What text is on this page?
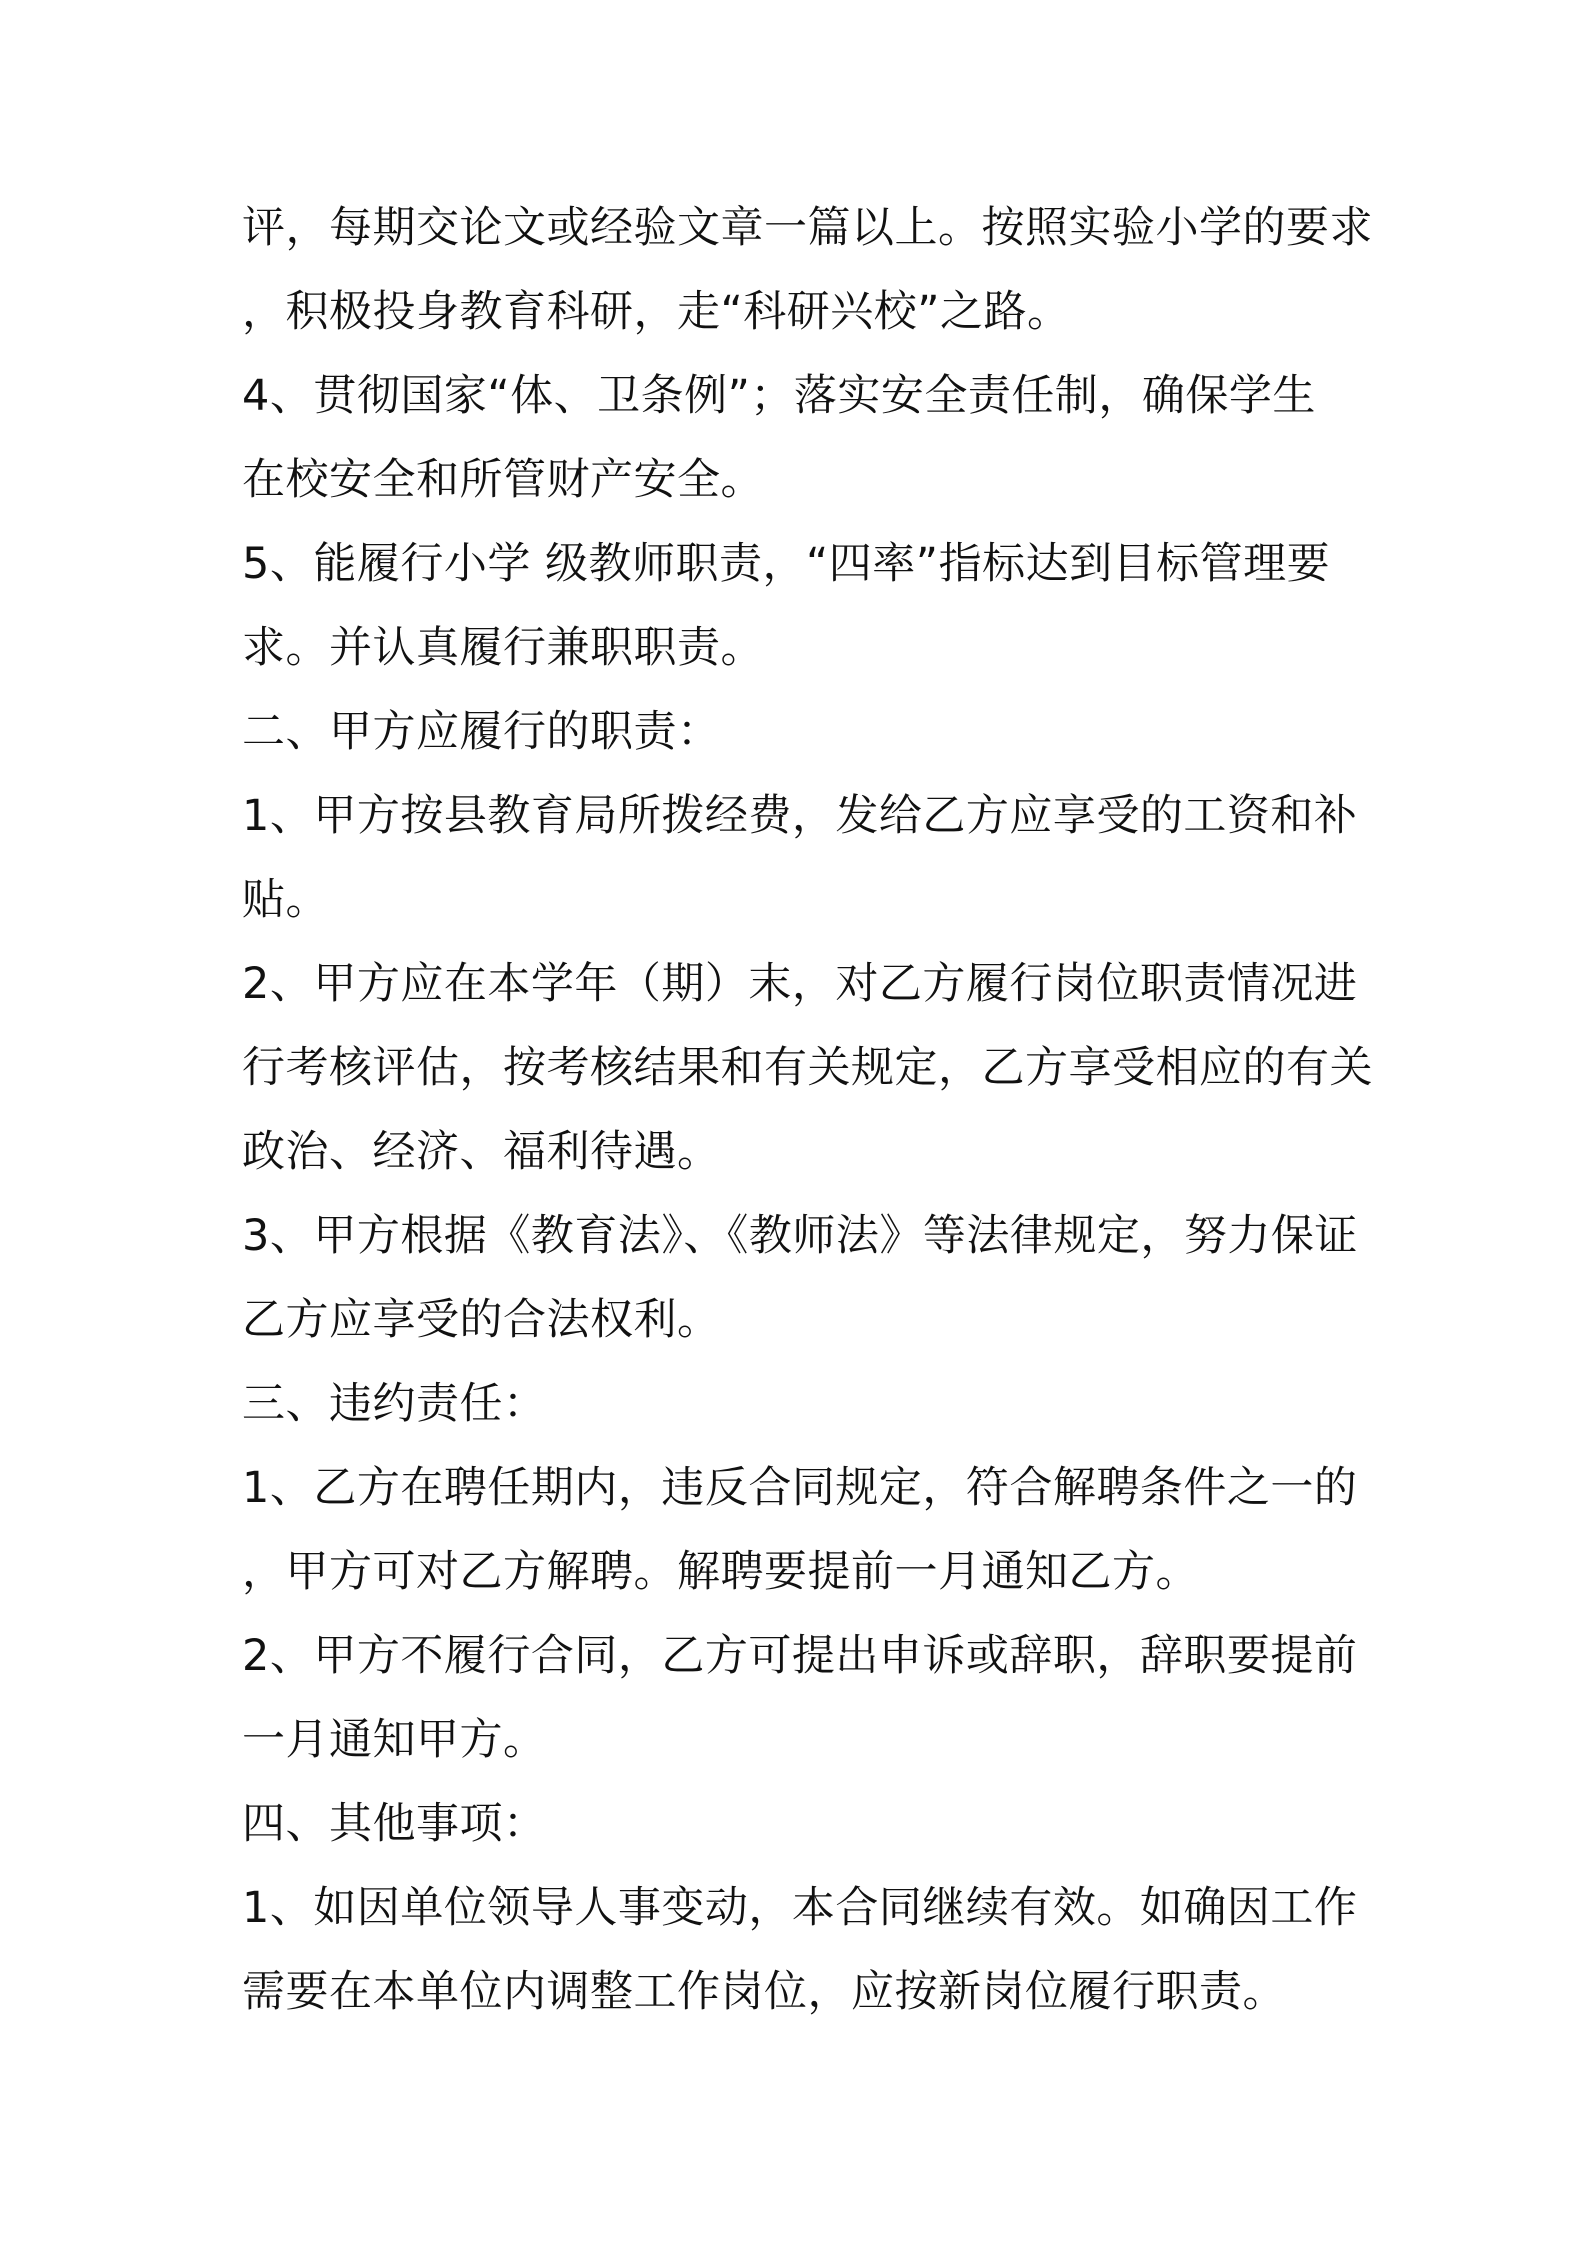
评，每期交论文或经验文章一篇以上。按照实验小学的要求
，积极投身教育科研，走“科研兴校”之路。
4、贯彻国家“体、卫条例”；落实安全责任制，确保学生
在校安全和所管财产安全。
5、能履行小学 级教师职责，“四率”指标达到目标管理要
求。并认真履行兼职职责。
二、甲方应履行的职责：
1、甲方按县教育局所拨经费，发给乙方应享受的工资和补
贴。
2、甲方应在本学年（期）末，对乙方履行岗位职责情况进
行考核评估，按考核结果和有关规定，乙方享受相应的有关
政治、经济、福利待遇。
3、甲方根据《教育法》、《教师法》等法律规定，努力保证
乙方应享受的合法权利。
三、违约责任：
1、乙方在聘任期内，违反合同规定，符合解聘条件之一的
，甲方可对乙方解聘。解聘要提前一月通知乙方。
2、甲方不履行合同，乙方可提出申诉或辞职，辞职要提前
一月通知甲方。
四、其他事项：
1、如因单位领导人事变动，本合同继续有效。如确因工作
需要在本单位内调整工作岗位，应按新岗位履行职责。
